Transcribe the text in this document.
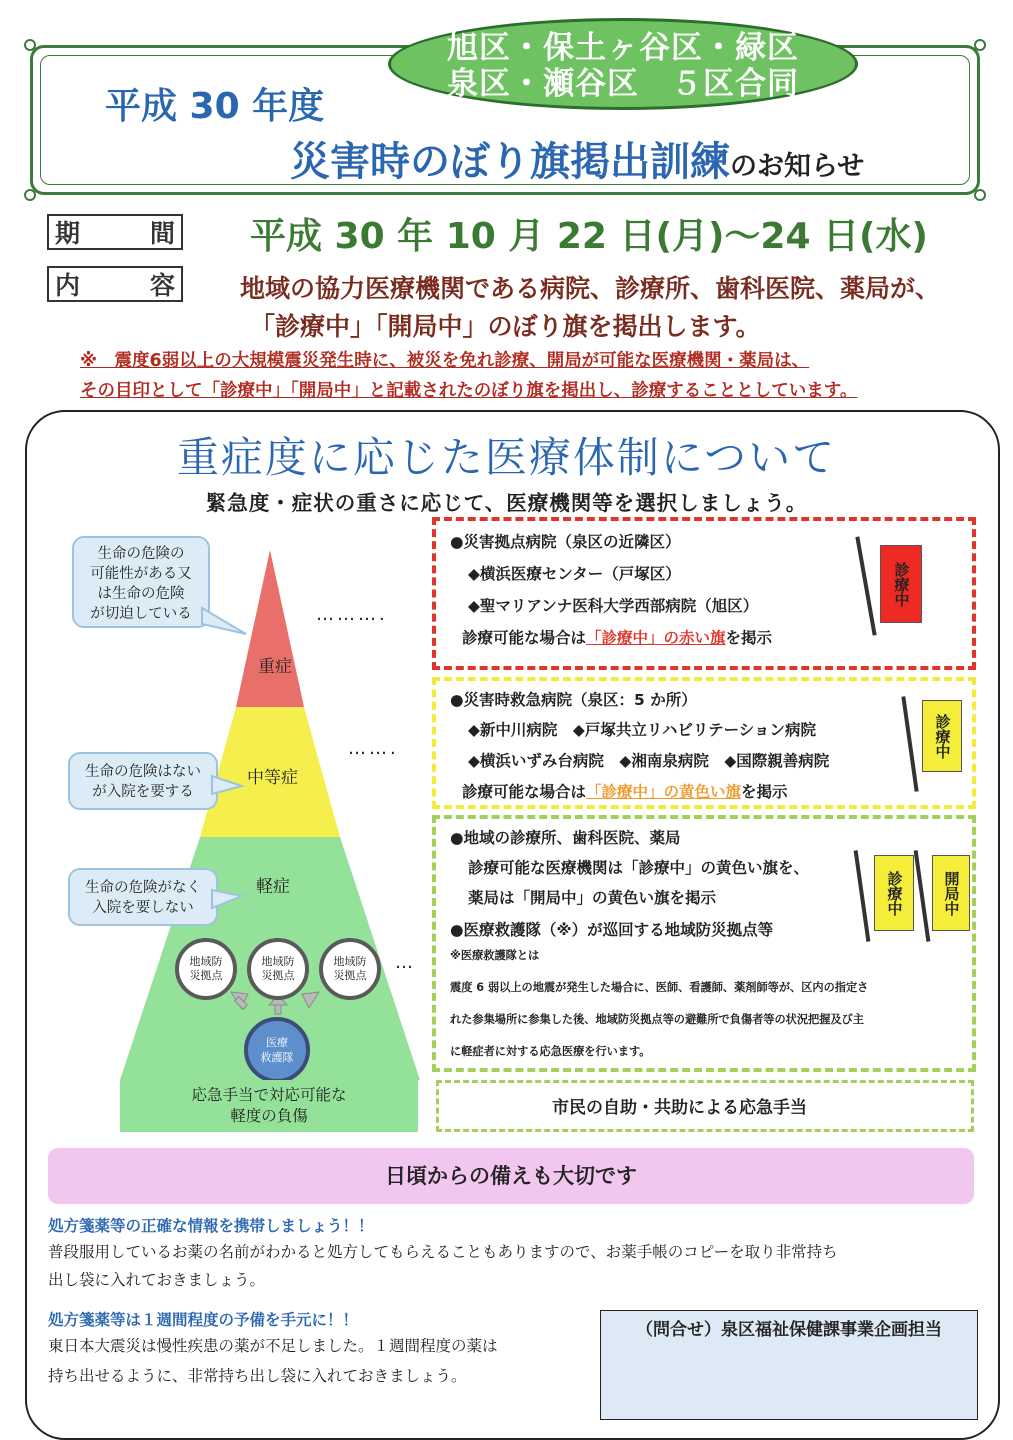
旭区・保土ヶ谷区・緑区
泉区・瀬谷区　５区合同
平成 30 年度
災害時のぼり旗掲出訓練のお知らせ
期	間 平成 30 年 10 月 22 日(月)～24 日(水)
内	容	地域の協力医療機関である病院、診療所、歯科医院、薬局が、
「診療中」「開局中」のぼり旗を掲出します。
※　震度6弱以上の大規模震災発生時に、被災を免れ診療、開局が可能な医療機関・薬局は、
その目印として「診療中」「開局中」と記載されたのぼり旗を掲出し、診療することとしています。
重症度に応じた医療体制について
緊急度・症状の重さに応じて、医療機関等を選択しましょう。
重症
中等症
軽症
……….
…….
…
生命の危険の
可能性がある又
は生命の危険
が切迫している
生命の危険はない
が入院を要する
生命の危険がなく
入院を要しない
地域防
災拠点
地域防
災拠点
地域防
災拠点
医療
救護隊
応急手当で対応可能な
軽度の負傷
●災害拠点病院（泉区の近隣区）
◆横浜医療センター（戸塚区）
◆聖マリアンナ医科大学西部病院（旭区）
診療可能な場合は「診療中」の赤い旗を掲示
診療中
●災害時救急病院（泉区：5 か所）
◆新中川病院　◆戸塚共立リハビリテーション病院
◆横浜いずみ台病院　◆湘南泉病院　◆国際親善病院
診療可能な場合は「診療中」の黄色い旗を掲示
診療中
●地域の診療所、歯科医院、薬局
診療可能な医療機関は「診療中」の黄色い旗を、
薬局は「開局中」の黄色い旗を掲示
●医療救護隊（※）が巡回する地域防災拠点等
※医療救護隊とは
震度 6 弱以上の地震が発生した場合に、医師、看護師、薬剤師等が、区内の指定さ
れた参集場所に参集した後、地域防災拠点等の避難所で負傷者等の状況把握及び主
に軽症者に対する応急医療を行います。
診療中	開局中
市民の自助・共助による応急手当
日頃からの備えも大切です
処方箋薬等の正確な情報を携帯しましょう！！
普段服用しているお薬の名前がわかると処方してもらえることもありますので、お薬手帳のコピーを取り非常持ち
出し袋に入れておきましょう。
処方箋薬等は１週間程度の予備を手元に！！
東日本大震災は慢性疾患の薬が不足しました。１週間程度の薬は
持ち出せるように、非常持ち出し袋に入れておきましょう。
（問合せ）泉区福祉保健課事業企画担当
